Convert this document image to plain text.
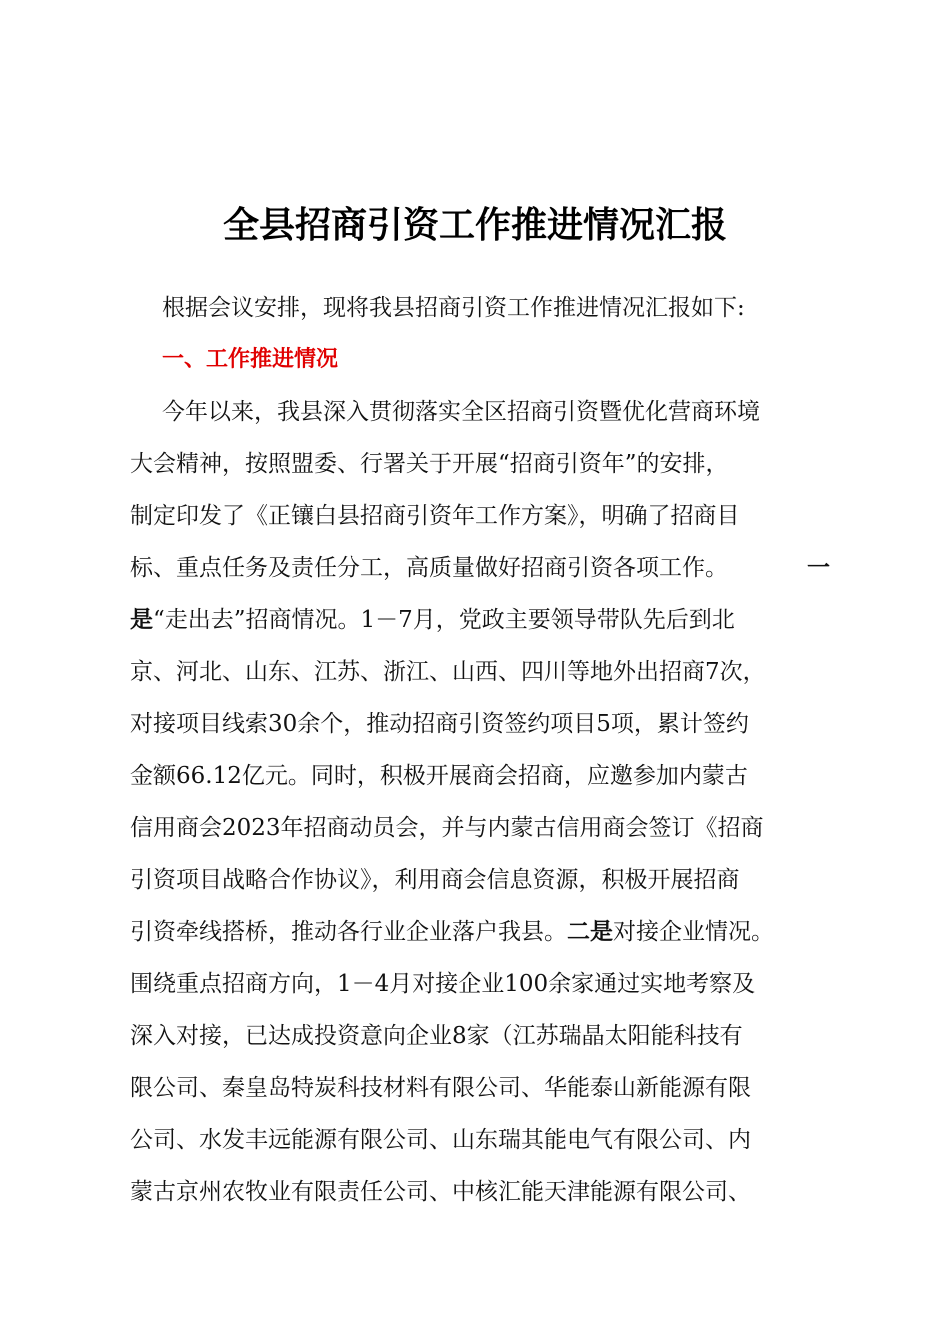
全县招商引资工作推进情况汇报
根据会议安排，现将我县招商引资工作推进情况汇报如下:
一、工作推进情况
今年以来，我县深入贯彻落实全区招商引资暨优化营商环境
大会精神，按照盟委、行署关于开展“招商引资年”的安排，
制定印发了《正镶白县招商引资年工作方案》，明确了招商目
标、重点任务及责任分工，高质量做好招商引资各项工作。	一
是 “走出去”招商情况。1－7月，党政主要领导带队先后到北
京、河北、山东、江苏、浙江、山西、四川等地外出招商7次，
对接项目线索30余个，推动招商引资签约项目5项，累计签约
金额66.12亿元。同时，积极开展商会招商，应邀参加内蒙古
信用商会2023年招商动员会，并与内蒙古信用商会签订《招商
引资项目战略合作协议》，利用商会信息资源，积极开展招商
引资牵线搭桥，推动各行业企业落户我县。 二是 对接企业情况。
围绕重点招商方向，1－4月对接企业100余家通过实地考察及
深入对接，已达成投资意向企业8家（江苏瑞晶太阳能科技有
限公司、秦皇岛特炭科技材料有限公司、华能泰山新能源有限
公司、水发丰远能源有限公司、山东瑞其能电气有限公司、内
蒙古京州农牧业有限责任公司、中核汇能天津能源有限公司、
